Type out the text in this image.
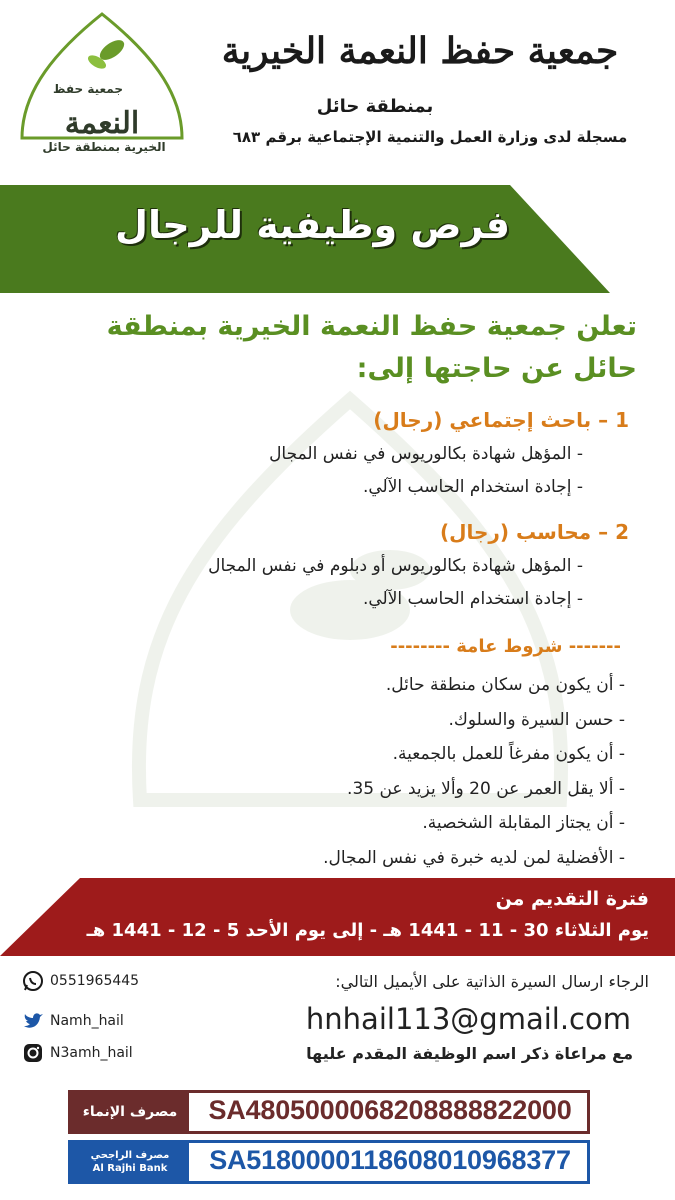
جمعية حفظ
النعمة
الخيرية بمنطقة حائل
جمعية حفظ النعمة الخيرية
بمنطقة حائل
مسجلة لدى وزارة العمل والتنمية الإجتماعية برقم ٦٨٣
فرص وظيفية للرجال
تعلن جمعية حفظ النعمة الخيرية بمنطقة
حائل عن حاجتها إلى:
1 – باحث إجتماعي (رجال)
- المؤهل شهادة بكالوريوس في نفس المجال
- إجادة استخدام الحاسب الآلي.
2 – محاسب (رجال)
- المؤهل شهادة بكالوريوس أو دبلوم في نفس المجال
- إجادة استخدام الحاسب الآلي.
------- شروط عامة --------
- أن يكون من سكان منطقة حائل.
- حسن السيرة والسلوك.
- أن يكون مفرغاً للعمل بالجمعية.
- ألا يقل العمر عن 20 وألا يزيد عن 35.
- أن يجتاز المقابلة الشخصية.
- الأفضلية لمن لديه خبرة في نفس المجال.
فترة التقديم من
يوم الثلاثاء 30 - 11 - 1441 هـ - إلى يوم الأحد 5 - 12 - 1441 هـ
0551965445
Namh_hail
N3amh_hail
الرجاء ارسال السيرة الذاتية على الأيميل التالي:
hnhail113@gmail.com
مع مراعاة ذكر اسم الوظيفة المقدم عليها
مصرف الإنماء	SA4805000068208888822000
مصرف الراجحي
Al Rajhi Bank	SA5180000118608010968377
